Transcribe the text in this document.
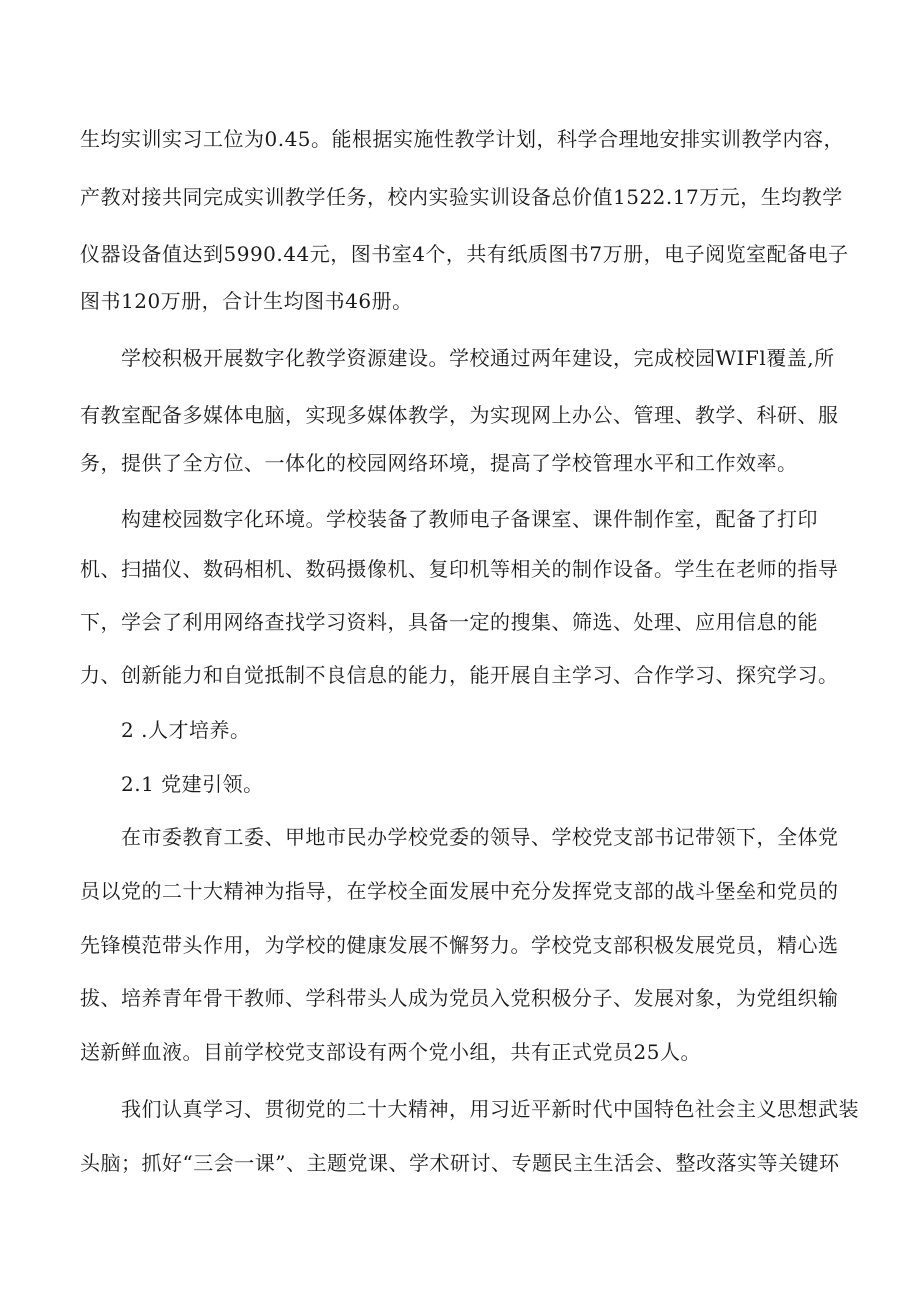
生均实训实习工位为0.45。能根据实施性教学计划，科学合理地安排实训教学内容，
产教对接共同完成实训教学任务，校内实验实训设备总价值1522.17万元，生均教学
仪器设备值达到5990.44元，图书室4个，共有纸质图书7万册，电子阅览室配备电子
图书120万册，合计生均图书46册。
学校积极开展数字化教学资源建设。学校通过两年建设，完成校园WIFl覆盖,所
有教室配备多媒体电脑，实现多媒体教学，为实现网上办公、管理、教学、科研、服
务，提供了全方位、一体化的校园网络环境，提高了学校管理水平和工作效率。
构建校园数字化环境。学校装备了教师电子备课室、课件制作室，配备了打印
机、扫描仪、数码相机、数码摄像机、复印机等相关的制作设备。学生在老师的指导
下，学会了利用网络查找学习资料，具备一定的搜集、筛选、处理、应用信息的能
力、创新能力和自觉抵制不良信息的能力，能开展自主学习、合作学习、探究学习。
2 .人才培养。
2.1 党建引领。
在市委教育工委、甲地市民办学校党委的领导、学校党支部书记带领下，全体党
员以党的二十大精神为指导，在学校全面发展中充分发挥党支部的战斗堡垒和党员的
先锋模范带头作用，为学校的健康发展不懈努力。学校党支部积极发展党员，精心选
拔、培养青年骨干教师、学科带头人成为党员入党积极分子、发展对象，为党组织输
送新鲜血液。目前学校党支部设有两个党小组，共有正式党员25人。
我们认真学习、贯彻党的二十大精神，用习近平新时代中国特色社会主义思想武装
头脑；抓好“三会一课”、主题党课、学术研讨、专题民主生活会、整改落实等关键环
